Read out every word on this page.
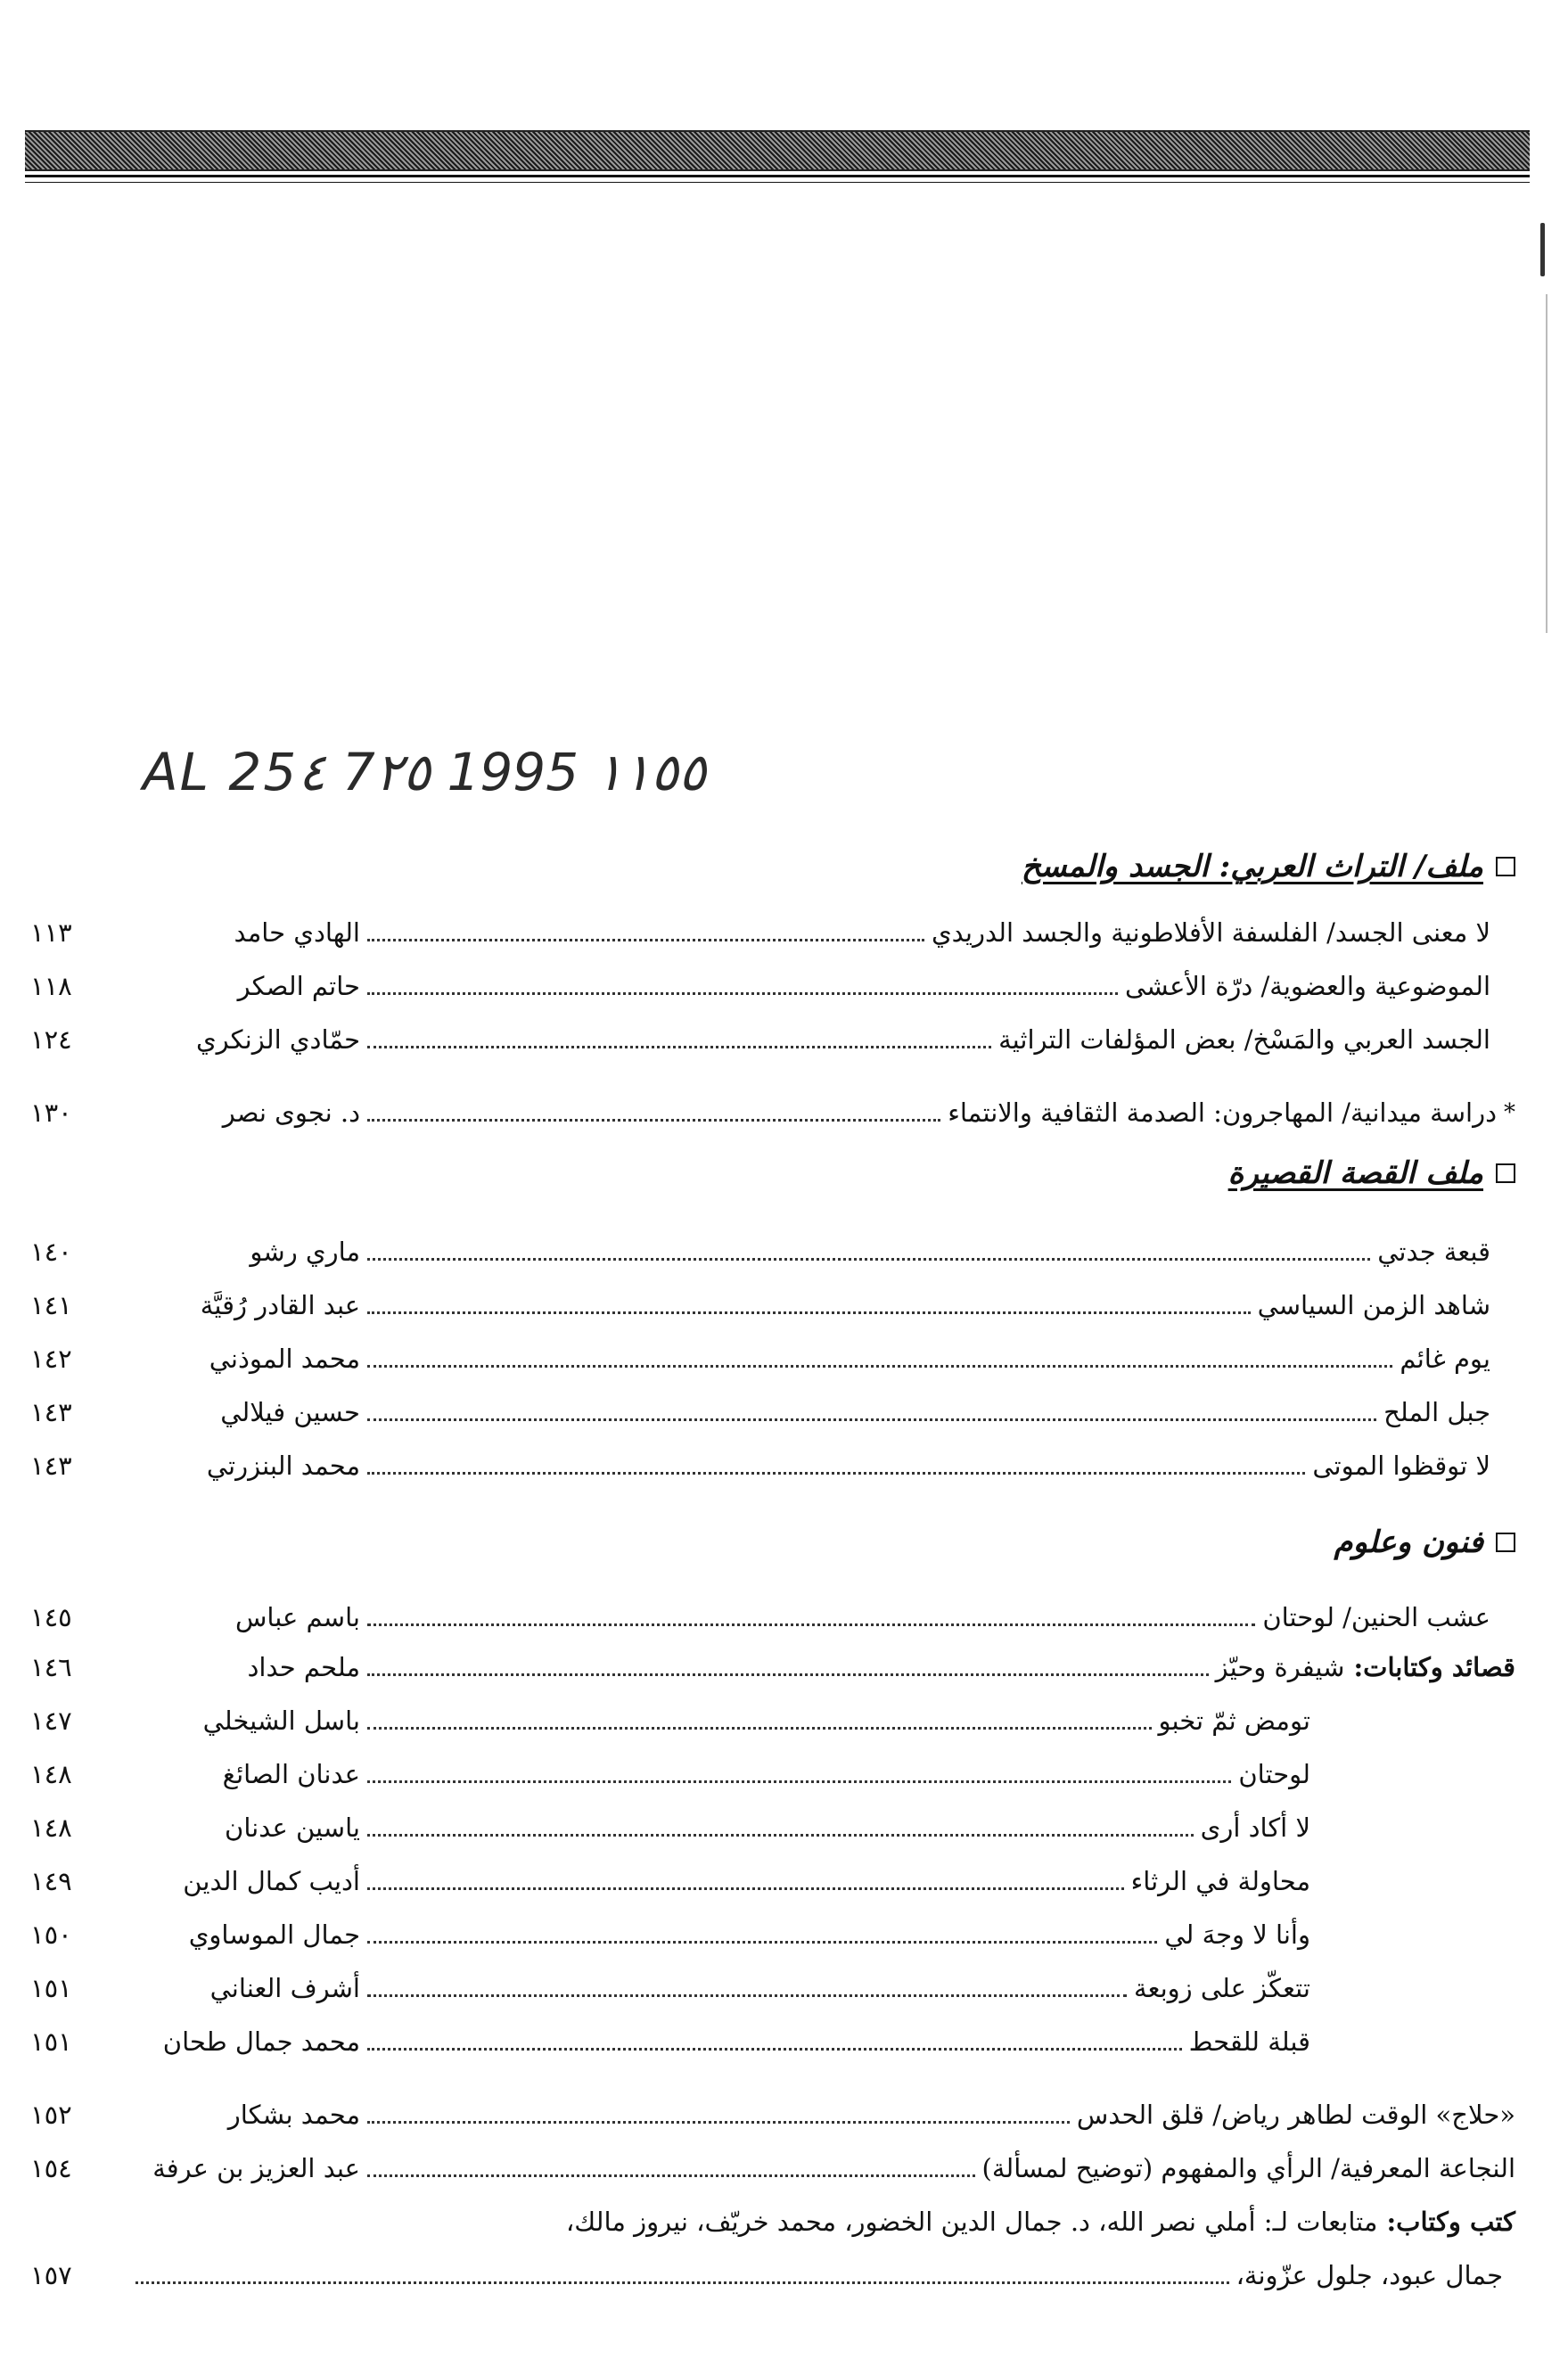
AL 25٤ 7٢٥ 1995 ١١٥٥
ملف/ التراث العربي: الجسد والمسخ
لا معنى الجسد/ الفلسفة الأفلاطونية والجسد الدريدي
الهادي حامد
١١٣
الموضوعية والعضوية/ درّة الأعشى
حاتم الصكر
١١٨
الجسد العربي والمَسْخ/ بعض المؤلفات التراثية
حمّادي الزنكري
١٢٤
*
دراسة ميدانية/ المهاجرون: الصدمة الثقافية والانتماء
د. نجوى نصر
١٣٠
ملف القصة القصيرة
قبعة جدتي
ماري رشو
١٤٠
شاهد الزمن السياسي
عبد القادر رُقيَّة
١٤١
يوم غائم
محمد الموذني
١٤٢
جبل الملح
حسين فيلالي
١٤٣
لا توقظوا الموتى
محمد البنزرتي
١٤٣
فنون وعلوم
عشب الحنين/ لوحتان
باسم عباس
١٤٥
قصائد وكتابات:
شيفرة وحيّز
ملحم حداد
١٤٦
تومض ثمّ تخبو
باسل الشيخلي
١٤٧
لوحتان
عدنان الصائغ
١٤٨
لا أكاد أرى
ياسين عدنان
١٤٨
محاولة في الرثاء
أديب كمال الدين
١٤٩
وأنا لا وجهَ لي
جمال الموساوي
١٥٠
تتعكّز على زوبعة
أشرف العناني
١٥١
قبلة للقحط
محمد جمال طحان
١٥١
«حلاج» الوقت لطاهر رياض/ قلق الحدس
محمد بشكار
١٥٢
النجاعة المعرفية/ الرأي والمفهوم (توضيح لمسألة)
عبد العزيز بن عرفة
١٥٤
كتب وكتاب:متابعات لـ: أملي نصر الله، د. جمال الدين الخضور، محمد خريّف، نيروز مالك،
جمال عبود، جلول عزّونة،
١٥٧
